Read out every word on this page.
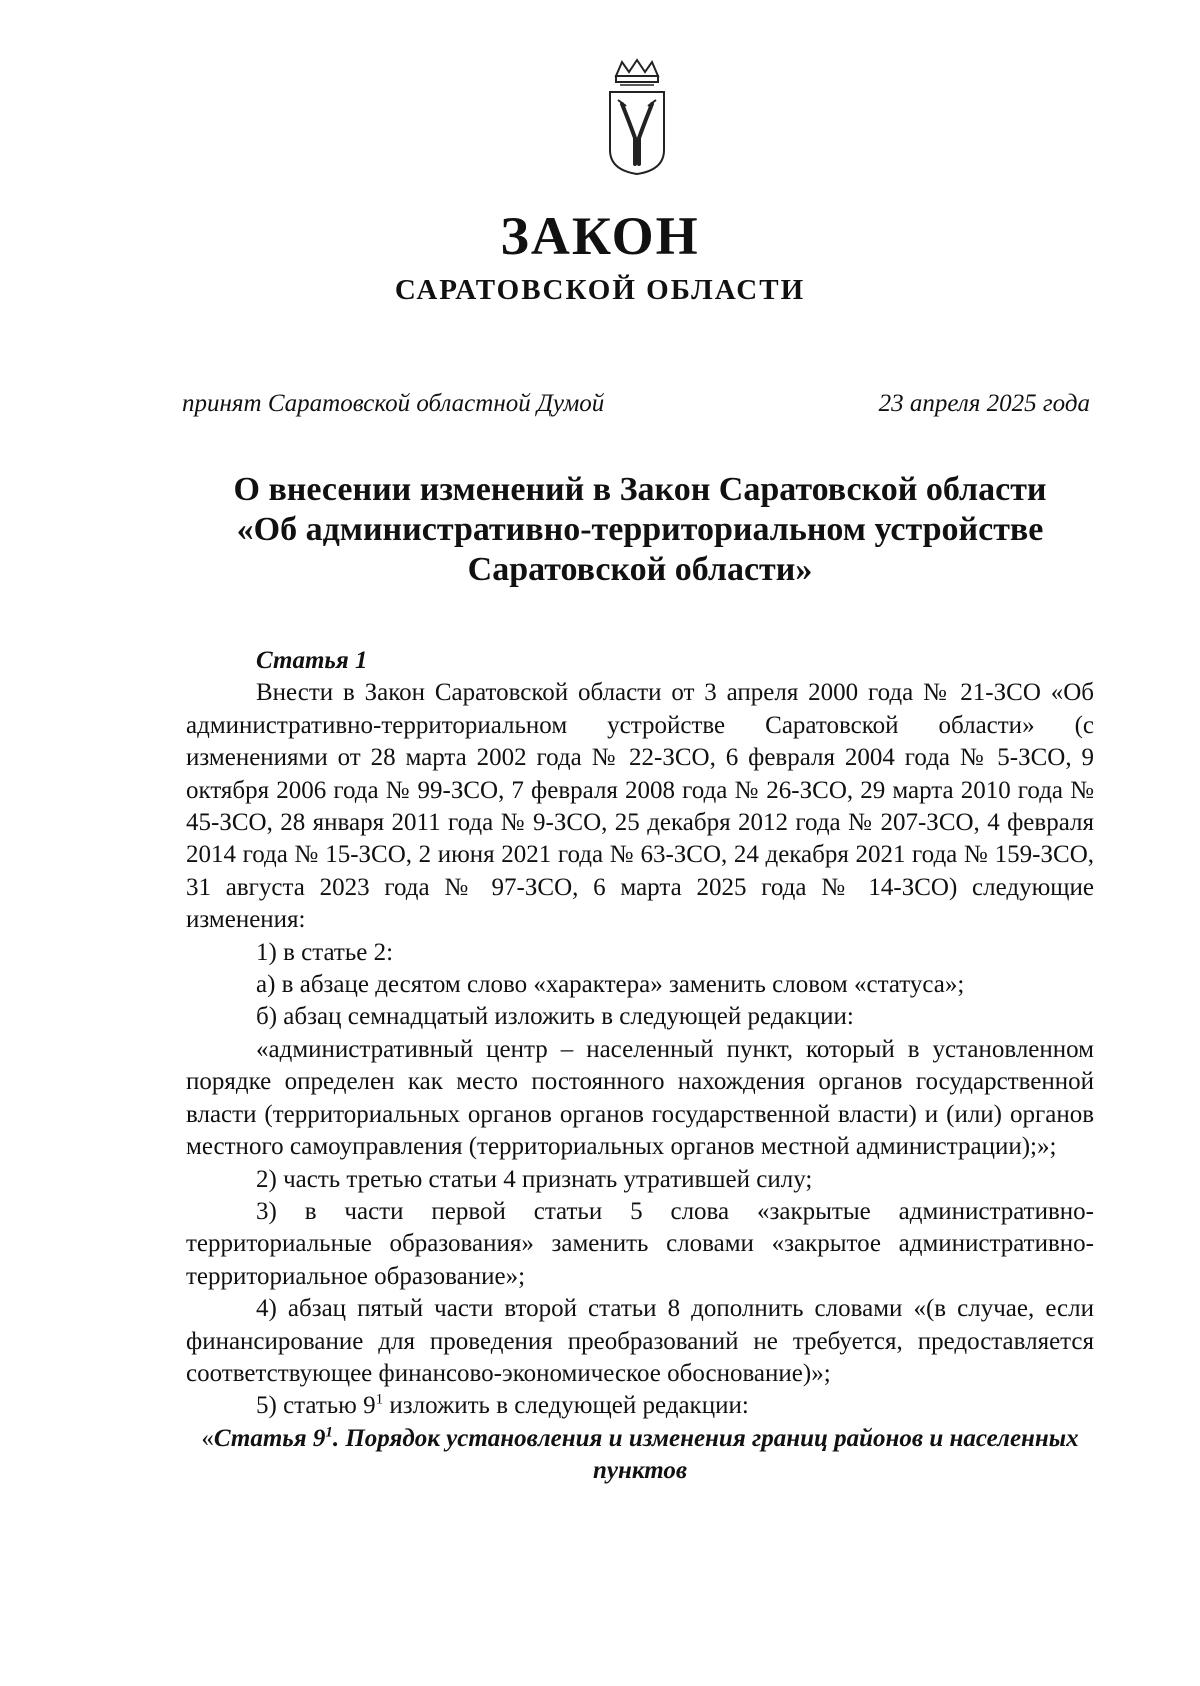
ЗАКОН
САРАТОВСКОЙ ОБЛАСТИ
принят Саратовской областной Думой	23 апреля 2025 года
О внесении изменений в Закон Саратовской области
«Об административно-территориальном устройстве
Саратовской области»

Статья 1

Внести в Закон Саратовской области от 3 апреля 2000 года № 21-ЗСО «Об административно-территориальном устройстве Саратовской области» (с изменениями от 28 марта 2002 года № 22-ЗСО, 6 февраля 2004 года № 5-ЗСО, 9 октября 2006 года № 99-ЗСО, 7 февраля 2008 года № 26-ЗСО, 29 марта 2010 года № 45-ЗСО, 28 января 2011 года № 9-ЗСО, 25 декабря 2012 года № 207-ЗСО, 4 февраля 2014 года № 15-ЗСО, 2 июня 2021 года № 63-ЗСО, 24 декабря 2021 года № 159-ЗСО, 31 августа 2023 года № 97-ЗСО, 6 марта 2025 года № 14-ЗСО) следующие изменения:

1) в статье 2:

а) в абзаце десятом слово «характера» заменить словом «статуса»;

б) абзац семнадцатый изложить в следующей редакции:

«административный центр – населенный пункт, который в установленном порядке определен как место постоянного нахождения органов государственной власти (территориальных органов органов государственной власти) и (или) органов местного самоуправления (территориальных органов местной администрации);»;

2) часть третью статьи 4 признать утратившей силу;

3) в части первой статьи 5 слова «закрытые административно-территориальные образования» заменить словами «закрытое административно-территориальное образование»;

4) абзац пятый части второй статьи 8 дополнить словами «(в случае, если финансирование для проведения преобразований не требуется, предоставляется соответствующее финансово-экономическое обоснование)»;

5) статью $9^1$ изложить в следующей редакции:

«Статья $9^1$. Порядок установления и изменения границ районов и населенных пунктов
